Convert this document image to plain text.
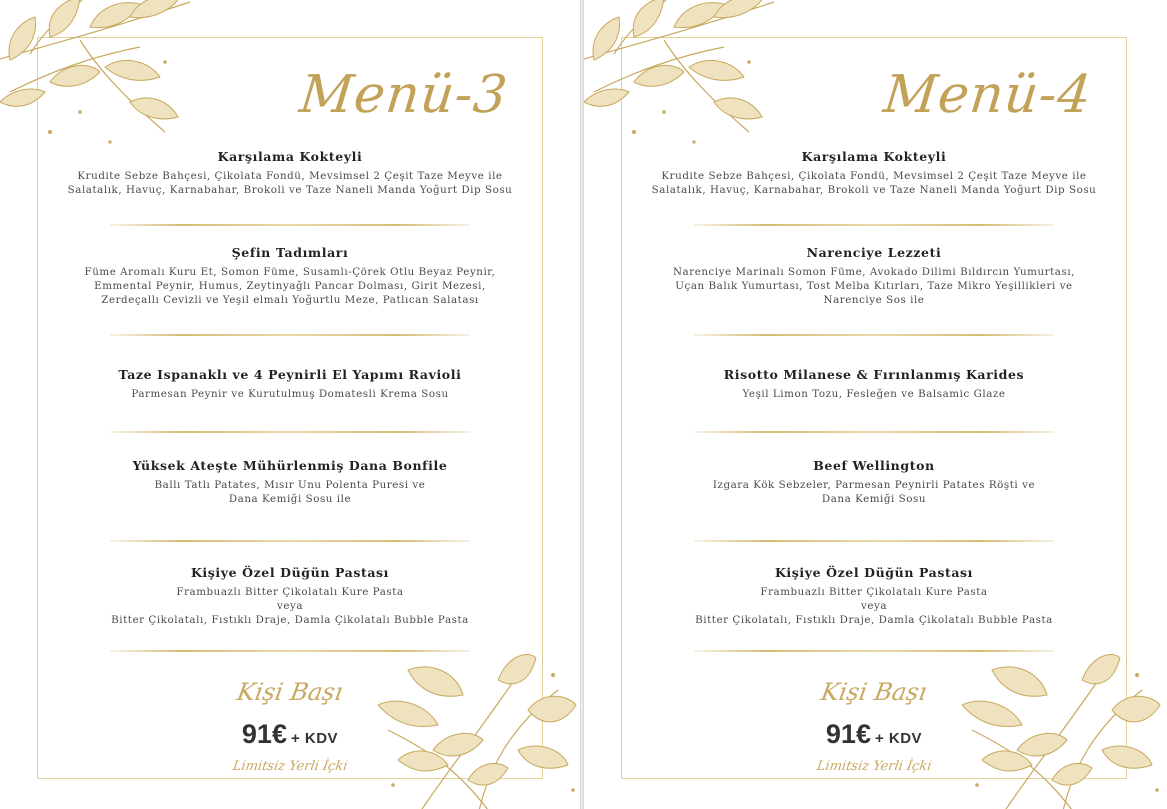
Menü-3
Karşılama Kokteyli
Krudite Sebze Bahçesi, Çikolata Fondü, Mevsimsel 2 Çeşit Taze Meyve ile
Salatalık, Havuç, Karnabahar, Brokoli ve Taze Naneli Manda Yoğurt Dip Sosu
Şefin Tadımları
Füme Aromalı Kuru Et, Somon Füme, Susamlı-Çörek Otlu Beyaz Peynir,
Emmental Peynir, Humus, Zeytinyağlı Pancar Dolması, Girit Mezesi,
Zerdeçallı Cevizli ve Yeşil elmalı Yoğurtlu Meze, Patlıcan Salatası
Taze Ispanaklı ve 4 Peynirli El Yapımı Ravioli
Parmesan Peynir ve Kurutulmuş Domatesli Krema Sosu
Yüksek Ateşte Mühürlenmiş Dana Bonfile
Ballı Tatlı Patates, Mısır Unu Polenta Puresi ve
Dana Kemiği Sosu ile
Kişiye Özel Düğün Pastası
Frambuazlı Bitter Çikolatalı Kure Pasta
veya
Bitter Çikolatalı, Fıstıklı Draje, Damla Çikolatalı Bubble Pasta
Kişi Başı
91€ + KDV
Limitsiz Yerli İçki
Menü-4
Karşılama Kokteyli
Krudite Sebze Bahçesi, Çikolata Fondü, Mevsimsel 2 Çeşit Taze Meyve ile
Salatalık, Havuç, Karnabahar, Brokoli ve Taze Naneli Manda Yoğurt Dip Sosu
Narenciye Lezzeti
Narenciye Marinalı Somon Füme, Avokado Dilimi Bıldırcın Yumurtası,
Uçan Balık Yumurtası, Tost Melba Kıtırları, Taze Mikro Yeşillikleri ve
Narenciye Sos ile
Risotto Milanese & Fırınlanmış Karides
Yeşil Limon Tozu, Fesleğen ve Balsamic Glaze
Beef Wellington
Izgara Kök Sebzeler, Parmesan Peynirli Patates Röşti ve
Dana Kemiği Sosu
Kişiye Özel Düğün Pastası
Frambuazlı Bitter Çikolatalı Kure Pasta
veya
Bitter Çikolatalı, Fıstıklı Draje, Damla Çikolatalı Bubble Pasta
Kişi Başı
91€ + KDV
Limitsiz Yerli İçki
